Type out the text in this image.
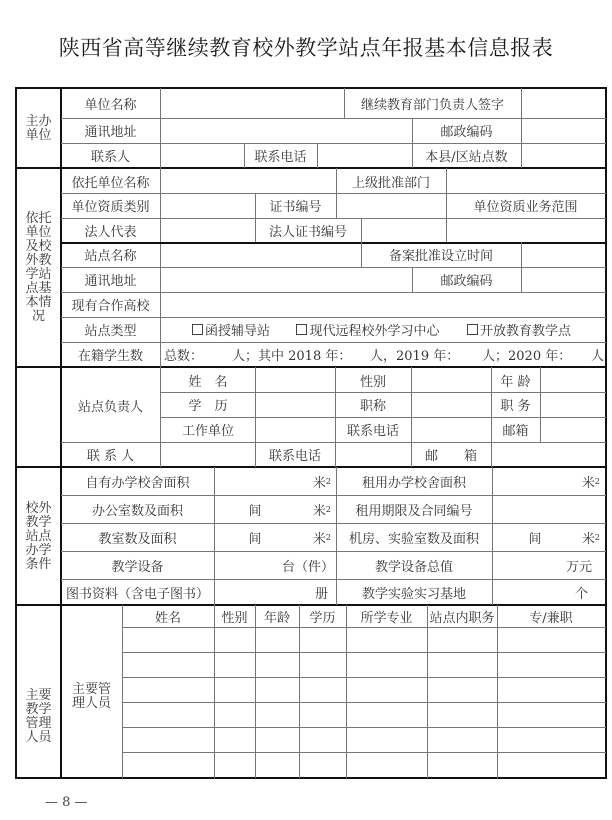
陕西省高等继续教育校外教学站点年报基本信息报表
主办单位
单位名称	继续教育部门负责人签字
通讯地址	邮政编码
联系人	联系电话	本县/区站点数
依托单位及校外教学站点基本情况
依托单位名称	上级批准部门
单位资质类别	证书编号	单位资质业务范围
法人代表	法人证书编号
站点名称	备案批准设立时间
通讯地址	邮政编码
现有合作高校
站点类型	函授辅导站	现代远程校外学习中心	开放教育教学点
在籍学生数	总数：	人；其中 2018 年： 人，2019 年：	人；2020 年：	人
站点负责人
姓　名	性别	年 龄
学　历	职称	职 务
工作单位	联系电话	邮箱
联 系 人	联系电话	邮　　箱
校外教学站点办学条件
自有办学校舍面积	米 2	租用办学校舍面积	米 2
办公室数及面积	间	米 2	租用期限及合同编号
教室数及面积	间	米 2	机房、实验室数及面积	间	米 2
教学设备	台（件）	教学设备总值	万元
图书资料（含电子图书）	册	教学实验实习基地	个
主要教学管理人员
主要管理人员
姓名	性别	年龄	学历	所学专业	站点内职务	专/兼职
— 8 —
